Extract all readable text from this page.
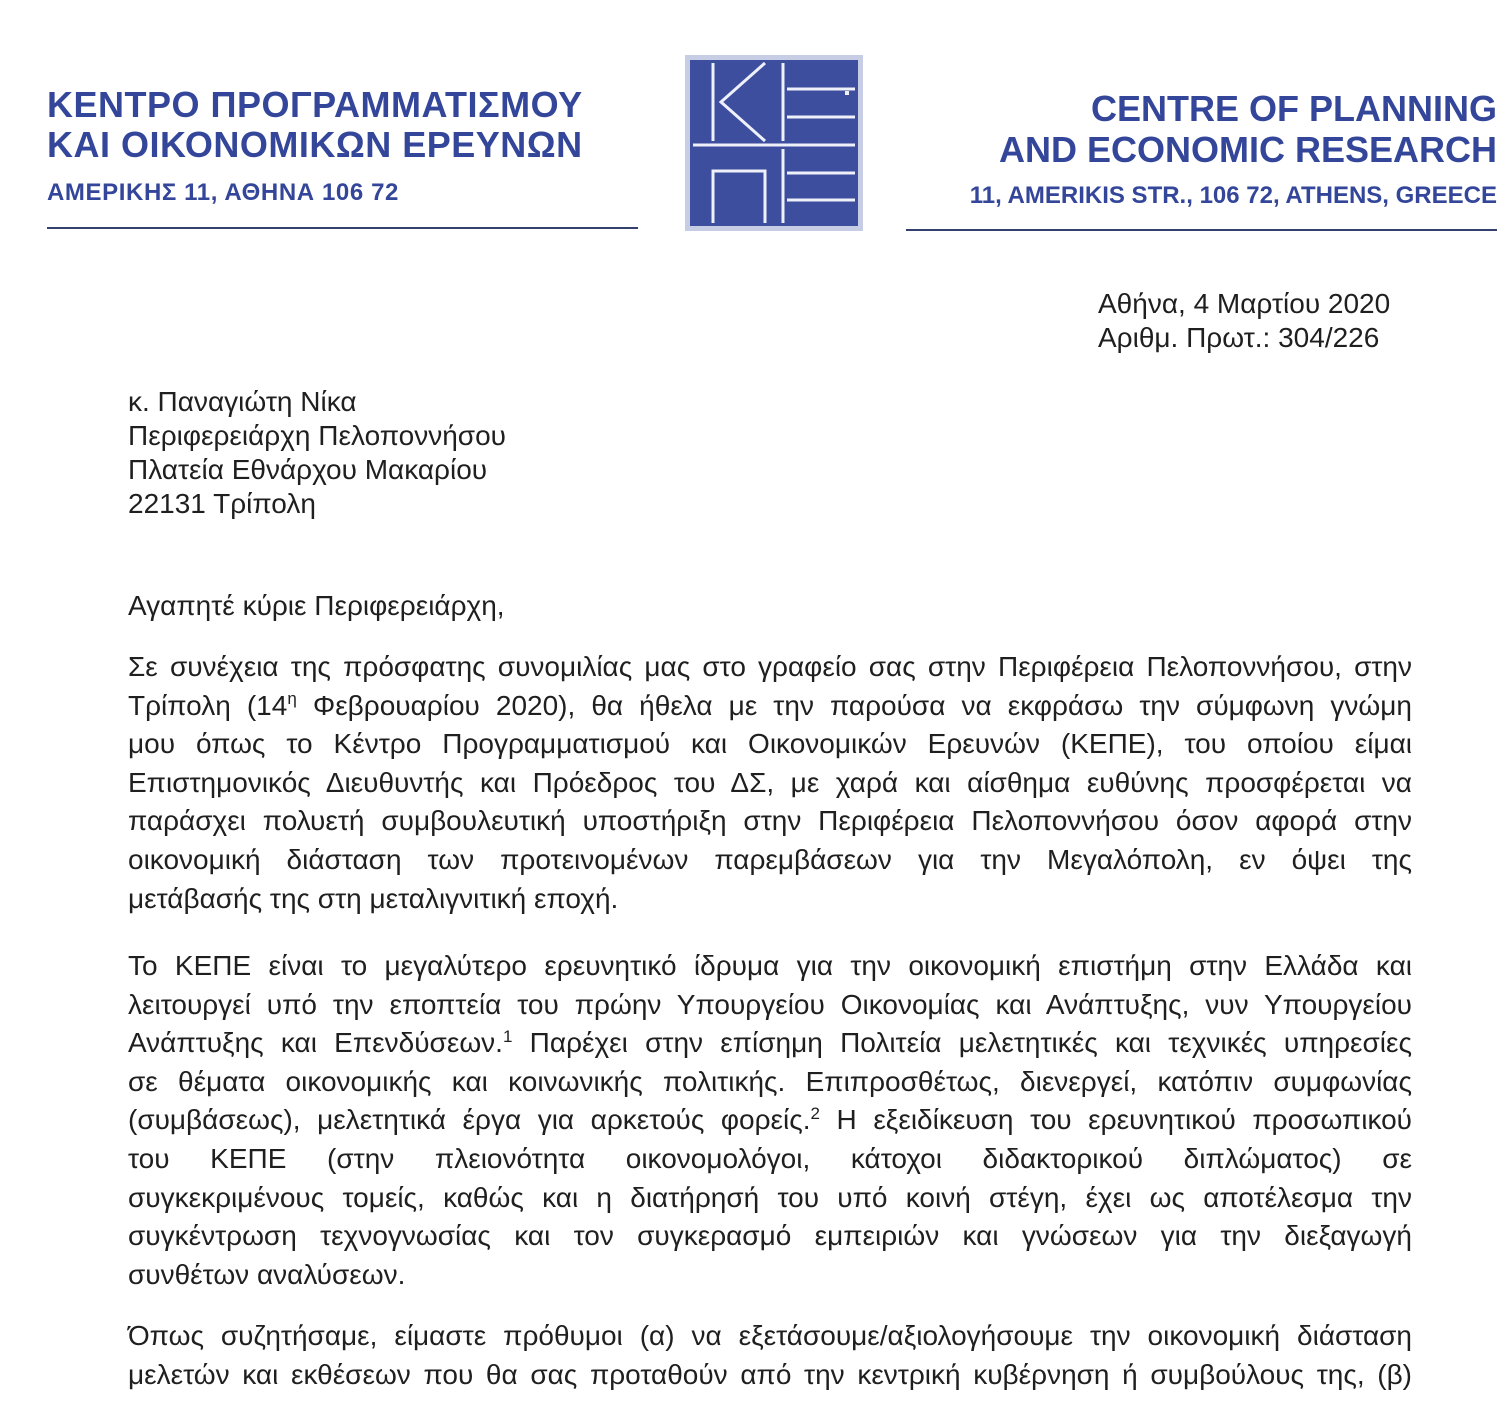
ΚΕΝΤΡΟ ΠΡΟΓΡΑΜΜΑΤΙΣΜΟΥ
ΚΑΙ ΟΙΚΟΝΟΜΙΚΩΝ ΕΡΕΥΝΩΝ
ΑΜΕΡΙΚΗΣ 11, ΑΘΗΝΑ 106 72
CENTRE OF PLANNING
AND ECONOMIC RESEARCH
11, AMERIKIS STR., 106 72, ATHENS, GREECE
Αθήνα, 4 Μαρτίου 2020
Αριθμ. Πρωτ.: 304/226
κ. Παναγιώτη Νίκα
Περιφερειάρχη Πελοποννήσου
Πλατεία Εθνάρχου Μακαρίου
22131 Τρίπολη
Αγαπητέ κύριε Περιφερειάρχη,
Σε συνέχεια της πρόσφατης συνομιλίας μας στο γραφείο σας στην Περιφέρεια Πελοποννήσου, στην
Τρίπολη ($14^\eta$ Φεβρουαρίου 2020), θα ήθελα με την παρούσα να εκφράσω την σύμφωνη γνώμη
μου όπως το Κέντρο Προγραμματισμού και Οικονομικών Ερευνών (ΚΕΠΕ), του οποίου είμαι
Επιστημονικός Διευθυντής και Πρόεδρος του ΔΣ, με χαρά και αίσθημα ευθύνης προσφέρεται να
παράσχει πολυετή συμβουλευτική υποστήριξη στην Περιφέρεια Πελοποννήσου όσον αφορά στην
οικονομική διάσταση των προτεινομένων παρεμβάσεων για την Μεγαλόπολη, εν όψει της
μετάβασής της στη μεταλιγνιτική εποχή.
Το ΚΕΠΕ είναι το μεγαλύτερο ερευνητικό ίδρυμα για την οικονομική επιστήμη στην Ελλάδα και
λειτουργεί υπό την εποπτεία του πρώην Υπουργείου Οικονομίας και Ανάπτυξης, νυν Υπουργείου
Ανάπτυξης και Επενδύσεων.$^1$ Παρέχει στην επίσημη Πολιτεία μελετητικές και τεχνικές υπηρεσίες
σε θέματα οικονομικής και κοινωνικής πολιτικής. Επιπροσθέτως, διενεργεί, κατόπιν συμφωνίας
(συμβάσεως), μελετητικά έργα για αρκετούς φορείς.$^2$ Η εξειδίκευση του ερευνητικού προσωπικού
του ΚΕΠΕ (στην πλειονότητα οικονομολόγοι, κάτοχοι διδακτορικού διπλώματος) σε
συγκεκριμένους τομείς, καθώς και η διατήρησή του υπό κοινή στέγη, έχει ως αποτέλεσμα την
συγκέντρωση τεχνογνωσίας και τον συγκερασμό εμπειριών και γνώσεων για την διεξαγωγή
συνθέτων αναλύσεων.
Όπως συζητήσαμε, είμαστε πρόθυμοι (α) να εξετάσουμε/αξιολογήσουμε την οικονομική διάσταση
μελετών και εκθέσεων που θα σας προταθούν από την κεντρική κυβέρνηση ή συμβούλους της, (β)
